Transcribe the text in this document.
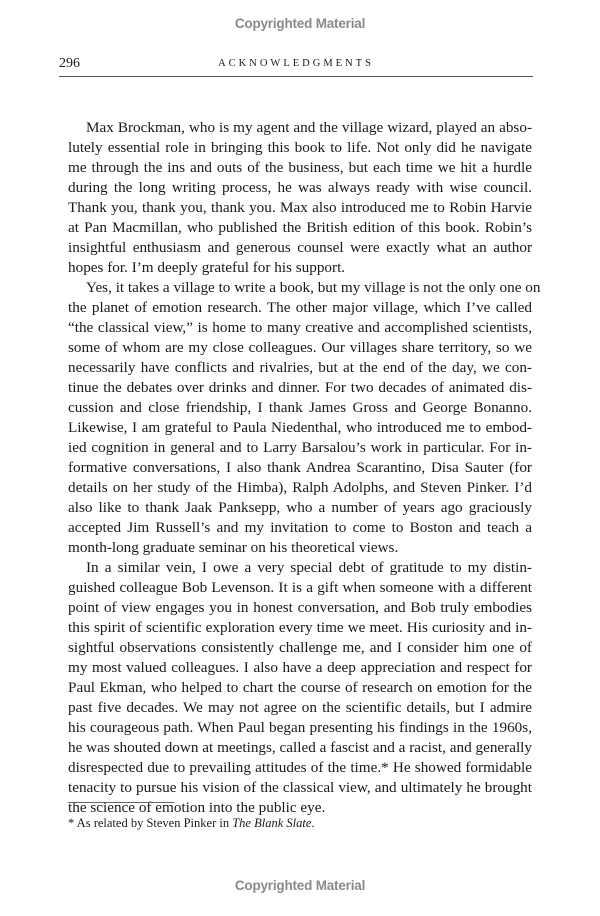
Copyrighted Material
296	ACKNOWLEDGMENTS
Max Brockman, who is my agent and the village wizard, played an abso-
lutely essential role in bringing this book to life. Not only did he navigate
me through the ins and outs of the business, but each time we hit a hurdle
during the long writing process, he was always ready with wise council.
Thank you, thank you, thank you. Max also introduced me to Robin Harvie
at Pan Macmillan, who published the British edition of this book. Robin’s
insightful enthusiasm and generous counsel were exactly what an author
hopes for. I’m deeply grateful for his support.
Yes, it takes a village to write a book, but my village is not the only one on
the planet of emotion research. The other major village, which I’ve called
“the classical view,” is home to many creative and accomplished scientists,
some of whom are my close colleagues. Our villages share territory, so we
necessarily have conflicts and rivalries, but at the end of the day, we con-
tinue the debates over drinks and dinner. For two decades of animated dis-
cussion and close friendship, I thank James Gross and George Bonanno.
Likewise, I am grateful to Paula Niedenthal, who introduced me to embod-
ied cognition in general and to Larry Barsalou’s work in particular. For in-
formative conversations, I also thank Andrea Scarantino, Disa Sauter (for
details on her study of the Himba), Ralph Adolphs, and Steven Pinker. I’d
also like to thank Jaak Panksepp, who a number of years ago graciously
accepted Jim Russell’s and my invitation to come to Boston and teach a
month-long graduate seminar on his theoretical views.
In a similar vein, I owe a very special debt of gratitude to my distin-
guished colleague Bob Levenson. It is a gift when someone with a different
point of view engages you in honest conversation, and Bob truly embodies
this spirit of scientific exploration every time we meet. His curiosity and in-
sightful observations consistently challenge me, and I consider him one of
my most valued colleagues. I also have a deep appreciation and respect for
Paul Ekman, who helped to chart the course of research on emotion for the
past five decades. We may not agree on the scientific details, but I admire
his courageous path. When Paul began presenting his findings in the 1960s,
he was shouted down at meetings, called a fascist and a racist, and generally
disrespected due to prevailing attitudes of the time.* He showed formidable
tenacity to pursue his vision of the classical view, and ultimately he brought
the science of emotion into the public eye.
* As related by Steven Pinker in The Blank Slate.
Copyrighted Material
